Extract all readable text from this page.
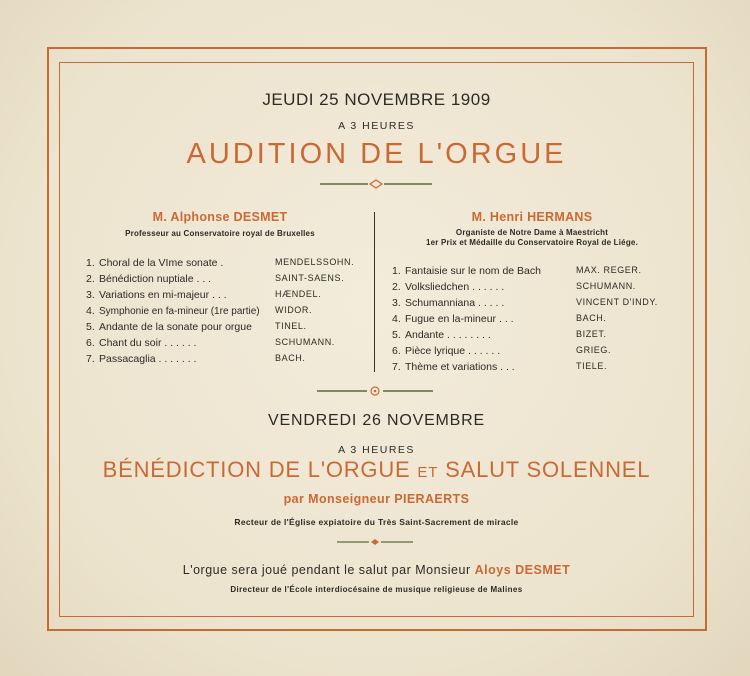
JEUDI 25 NOVEMBRE 1909
A 3 HEURES
AUDITION DE L'ORGUE
M. Alphonse DESMET
Professeur au Conservatoire royal de Bruxelles
M. Henri HERMANS
Organiste de Notre Dame à Maestricht
1er Prix et Médaille du Conservatoire Royal de Liége.
1. Choral de la VIme sonate .	MENDELSSOHN.
2. Bénédiction nuptiale . . .	SAINT-SAENS.
3. Variations en mi-majeur . . .	HÆNDEL.
4. Symphonie en fa-mineur (1re partie) WIDOR.
5. Andante de la sonate pour orgue	TINEL.
6. Chant du soir . . . . . .	SCHUMANN.
7. Passacaglia . . . . . . .	BACH.
1. Fantaisie sur le nom de Bach	MAX. REGER.
2. Volksliedchen . . . . . .	SCHUMANN.
3. Schumanniana . . . . .	VINCENT D'INDY.
4. Fugue en la-mineur . . .	BACH.
5. Andante . . . . . . . .	BIZET.
6. Pièce lyrique . . . . . .	GRIEG.
7. Thème et variations . . .	TIELE.
VENDREDI 26 NOVEMBRE
A 3 HEURES
BÉNÉDICTION DE L'ORGUE ET SALUT SOLENNEL
par Monseigneur PIERAERTS
Recteur de l'Église expiatoire du Très Saint-Sacrement de miracle
L'orgue sera joué pendant le salut par Monsieur Aloys DESMET
Directeur de l'École interdiocésaine de musique religieuse de Malines
